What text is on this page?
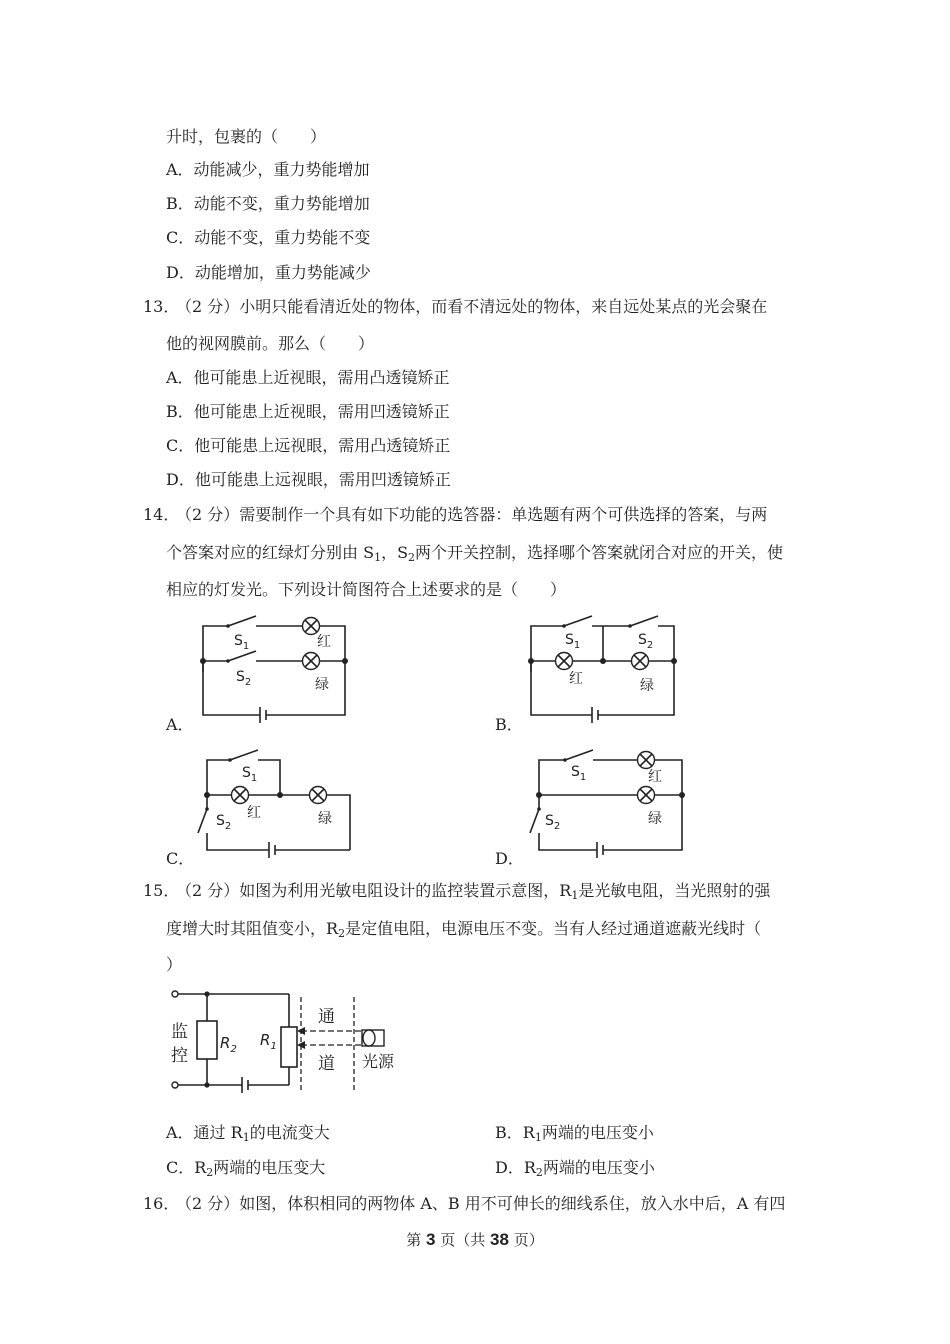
升时，包裹的（　　）
A．动能减少，重力势能增加
B．动能不变，重力势能增加
C．动能不变，重力势能不变
D．动能增加，重力势能减少
13．
（2 分）小明只能看清近处的物体，而看不清远处的物体，来自远处某点的光会聚在
他的视网膜前。那么（　　）
A．他可能患上近视眼，需用凸透镜矫正
B．他可能患上近视眼，需用凹透镜矫正
C．他可能患上远视眼，需用凸透镜矫正
D．他可能患上远视眼，需用凹透镜矫正
14．
（2 分）需要制作一个具有如下功能的选答器：单选题有两个可供选择的答案，与两
个答案对应的红绿灯分别由 $S_1$，$S_2$两个开关控制，选择哪个答案就闭合对应的开关，使
相应的灯发光。下列设计简图符合上述要求的是（　　）
A．	B．
C．	D．
$S_1$	红
$S_2$	绿
$S_1$	$S_2$
红	绿
$S_1$
红	绿
$S_2$
$S_1$	红
$S_2$	绿
15．
（2 分）如图为利用光敏电阻设计的监控装置示意图，$R_1$是光敏电阻，当光照射的强
度增大时其阻值变小，$R_2$是定值电阻，电源电压不变。当有人经过通道遮蔽光线时（
）
监
控
$R_2$
$R_1$
通
道 光源
A．通过 $R_1$的电流变大	B．$R_1$两端的电压变小
C．$R_2$两端的电压变大	D．$R_2$两端的电压变小
16．
（2 分）如图，体积相同的两物体 A、B 用不可伸长的细线系住，放入水中后，A 有四
第 3 页（共 38 页）
